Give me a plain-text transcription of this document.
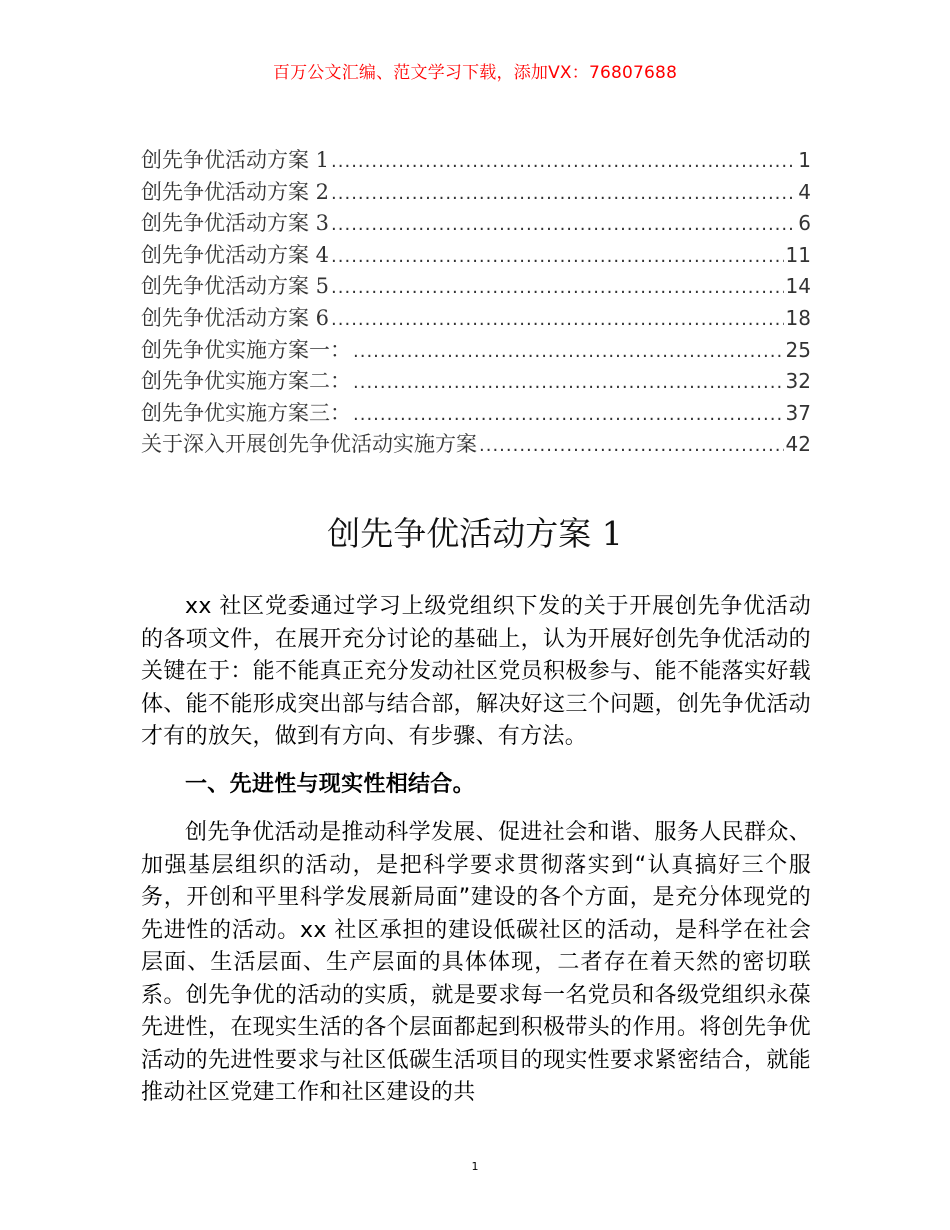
百万公文汇编、范文学习下载，添加VX：76807688
创先争优活动方案 1 .....	1
创先争优活动方案 2 .....	4
创先争优活动方案 3 .....	6
创先争优活动方案 4 .....	11
创先争优活动方案 5 .....	14
创先争优活动方案 6 .....	18
创先争优实施方案一： .....	25
创先争优实施方案二： .....	32
创先争优实施方案三： .....	37
关于深入开展创先争优活动实施方案 .....	42
创先争优活动方案 1

xx 社区党委通过学习上级党组织下发的关于开展创先争优活动的各项文件，在展开充分讨论的基础上，认为开展好创先争优活动的关键在于：能不能真正充分发动社区党员积极参与、能不能落实好载体、能不能形成突出部与结合部，解决好这三个问题，创先争优活动才有的放矢，做到有方向、有步骤、有方法。

一、先进性与现实性相结合。

创先争优活动是推动科学发展、促进社会和谐、服务人民群众、加强基层组织的活动，是把科学要求贯彻落实到“认真搞好三个服务，开创和平里科学发展新局面”建设的各个方面，是充分体现党的先进性的活动。xx 社区承担的建设低碳社区的活动，是科学在社会层面、生活层面、生产层面的具体体现，二者存在着天然的密切联系。创先争优的活动的实质，就是要求每一名党员和各级党组织永葆先进性，在现实生活的各个层面都起到积极带头的作用。将创先争优活动的先进性要求与社区低碳生活项目的现实性要求紧密结合，就能推动社区党建工作和社区建设的共

1
